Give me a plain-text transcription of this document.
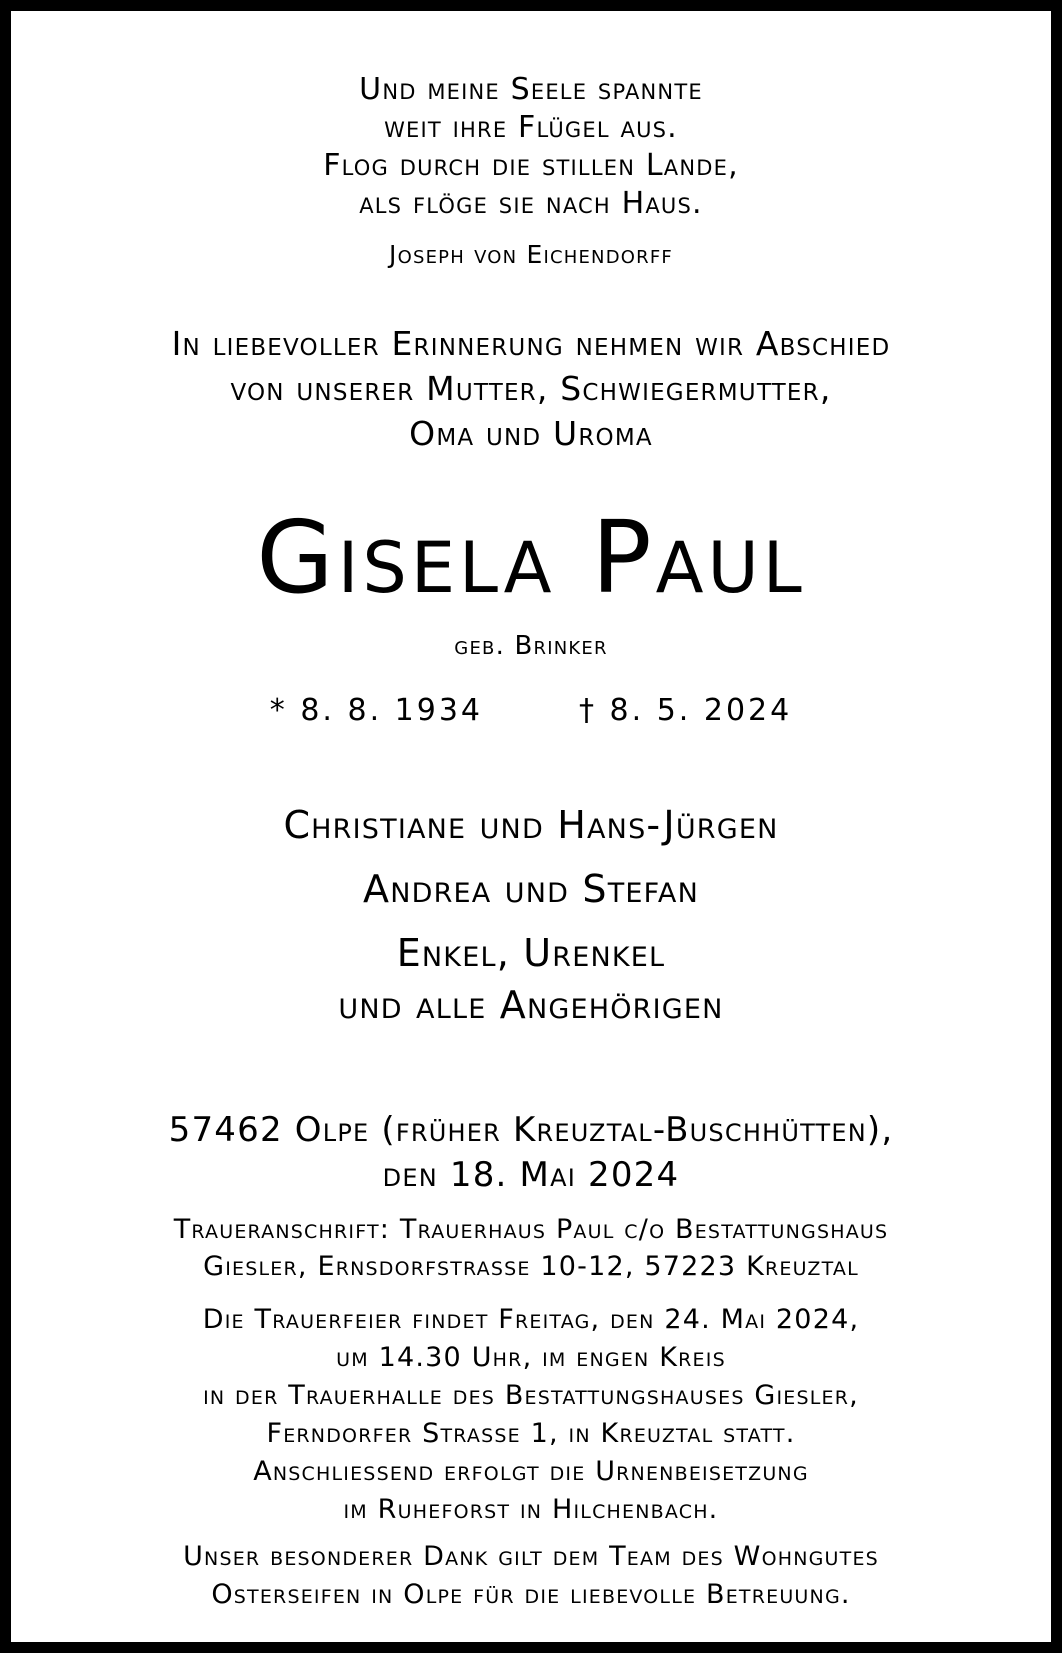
Und meine Seele spannte
weit ihre Flügel aus.
Flog durch die stillen Lande,
als flöge sie nach Haus.
Joseph von Eichendorff
In liebevoller Erinnerung nehmen wir Abschied
von unserer Mutter, Schwiegermutter,
Oma und Uroma
Gisela Paul
geb. Brinker
* 8. 8. 1934	† 8. 5. 2024
Christiane und Hans-Jürgen
Andrea und Stefan
Enkel, Urenkel
und alle Angehörigen
57462 Olpe (früher Kreuztal-Buschhütten),
den 18. Mai 2024
Traueranschrift: Trauerhaus Paul c/o Bestattungshaus
Giesler, Ernsdorfstrasse 10-12, 57223 Kreuztal
Die Trauerfeier findet Freitag, den 24. Mai 2024,
um 14.30 Uhr, im engen Kreis
in der Trauerhalle des Bestattungshauses Giesler,
Ferndorfer Strasse 1, in Kreuztal statt.
Anschliessend erfolgt die Urnenbeisetzung
im Ruheforst in Hilchenbach.
Unser besonderer Dank gilt dem Team des Wohngutes
Osterseifen in Olpe für die liebevolle Betreuung.
